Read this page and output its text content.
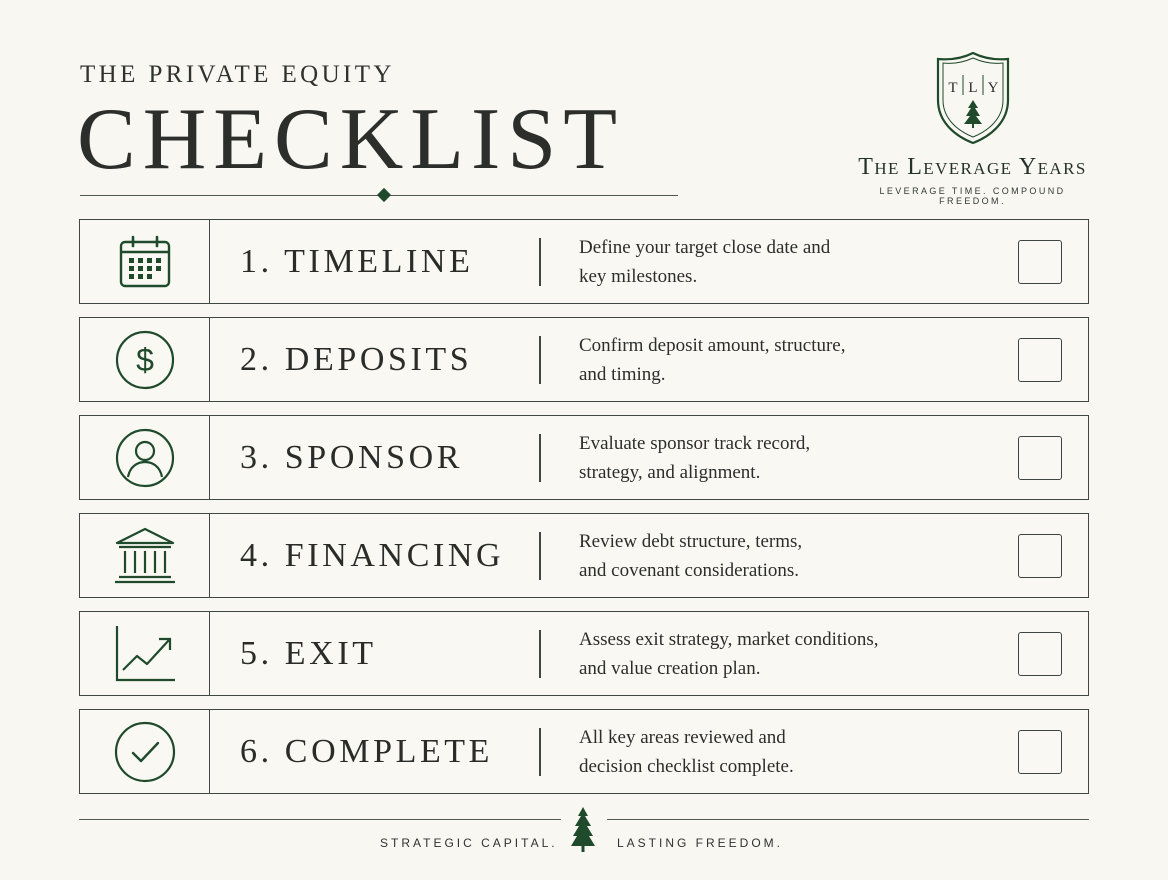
THE PRIVATE EQUITY
CHECKLIST
T L Y
The Leverage Years
LEVERAGE TIME. COMPOUND FREEDOM.
1. TIMELINE	Define your target close date and
key milestones.
$	2. DEPOSITS	Confirm deposit amount, structure,
and timing.
3. SPONSOR	Evaluate sponsor track record,
strategy, and alignment.
4. FINANCING	Review debt structure, terms,
and covenant considerations.
5. EXIT	Assess exit strategy, market conditions,
and value creation plan.
6. COMPLETE	All key areas reviewed and
decision checklist complete.
STRATEGIC CAPITAL.	LASTING FREEDOM.
